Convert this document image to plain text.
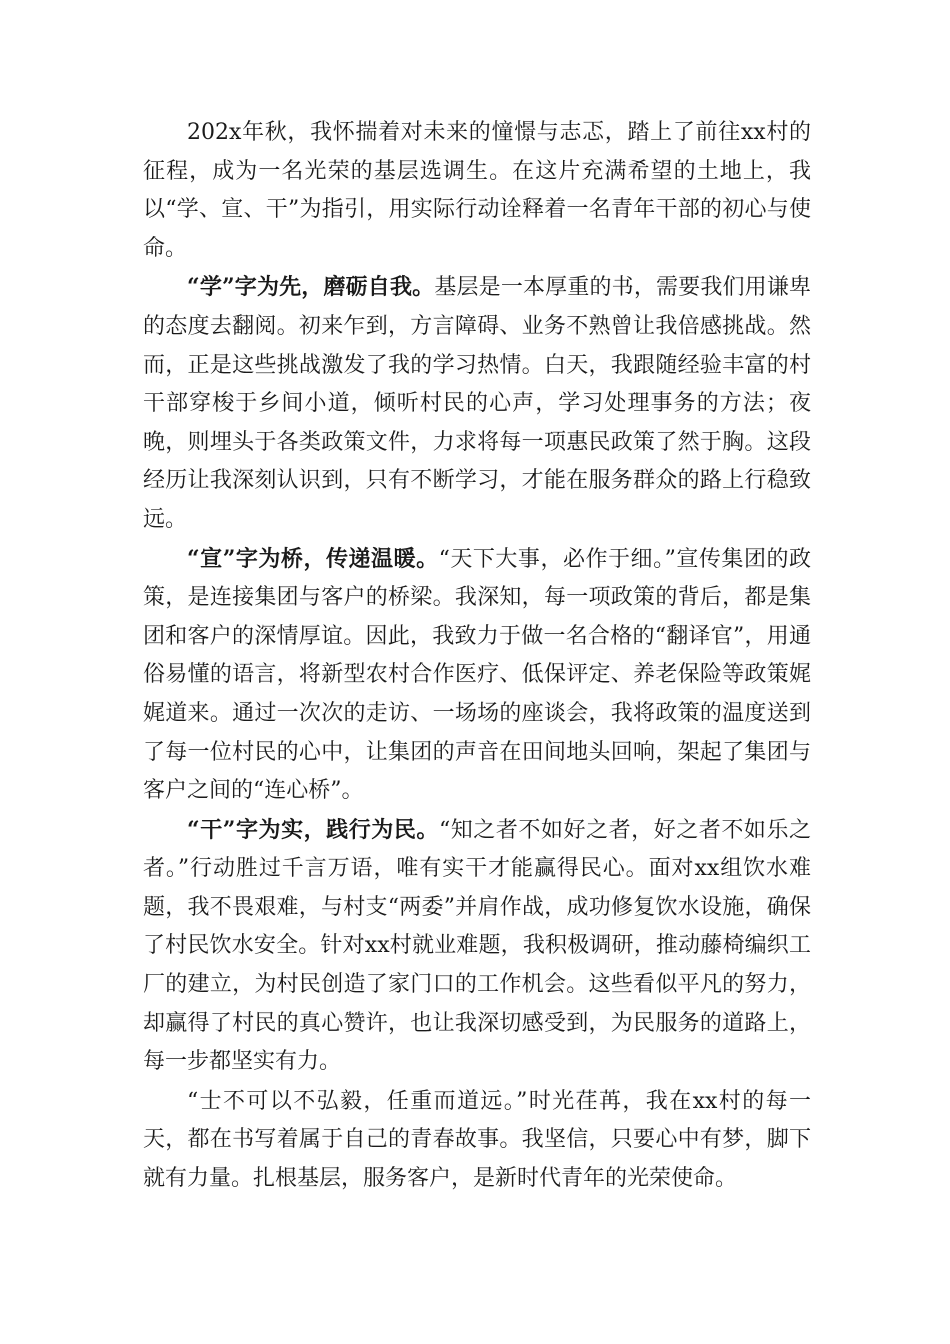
202x年秋，我怀揣着对未来的憧憬与志忑，踏上了前往xx村的征程，成为一名光荣的基层选调生。在这片充满希望的土地上，我以“学、宣、干”为指引，用实际行动诠释着一名青年干部的初心与使命。

“学”字为先，磨砺自我。基层是一本厚重的书，需要我们用谦卑的态度去翻阅。初来乍到，方言障碍、业务不熟曾让我倍感挑战。然而，正是这些挑战激发了我的学习热情。白天，我跟随经验丰富的村干部穿梭于乡间小道，倾听村民的心声，学习处理事务的方法；夜晚，则埋头于各类政策文件，力求将每一项惠民政策了然于胸。这段经历让我深刻认识到，只有不断学习，才能在服务群众的路上行稳致远。

“宣”字为桥，传递温暖。“天下大事，必作于细。”宣传集团的政策，是连接集团与客户的桥梁。我深知，每一项政策的背后，都是集团和客户的深情厚谊。因此，我致力于做一名合格的“翻译官”，用通俗易懂的语言，将新型农村合作医疗、低保评定、养老保险等政策娓娓道来。通过一次次的走访、一场场的座谈会，我将政策的温度送到了每一位村民的心中，让集团的声音在田间地头回响，架起了集团与客户之间的“连心桥”。

“干”字为实，践行为民。“知之者不如好之者，好之者不如乐之者。”行动胜过千言万语，唯有实干才能赢得民心。面对xx组饮水难题，我不畏艰难，与村支“两委”并肩作战，成功修复饮水设施，确保了村民饮水安全。针对xx村就业难题，我积极调研，推动藤椅编织工厂的建立，为村民创造了家门口的工作机会。这些看似平凡的努力，却赢得了村民的真心赞许，也让我深切感受到，为民服务的道路上，每一步都坚实有力。

“士不可以不弘毅，任重而道远。”时光荏苒，我在xx村的每一天，都在书写着属于自己的青春故事。我坚信，只要心中有梦，脚下就有力量。扎根基层，服务客户，是新时代青年的光荣使命。
